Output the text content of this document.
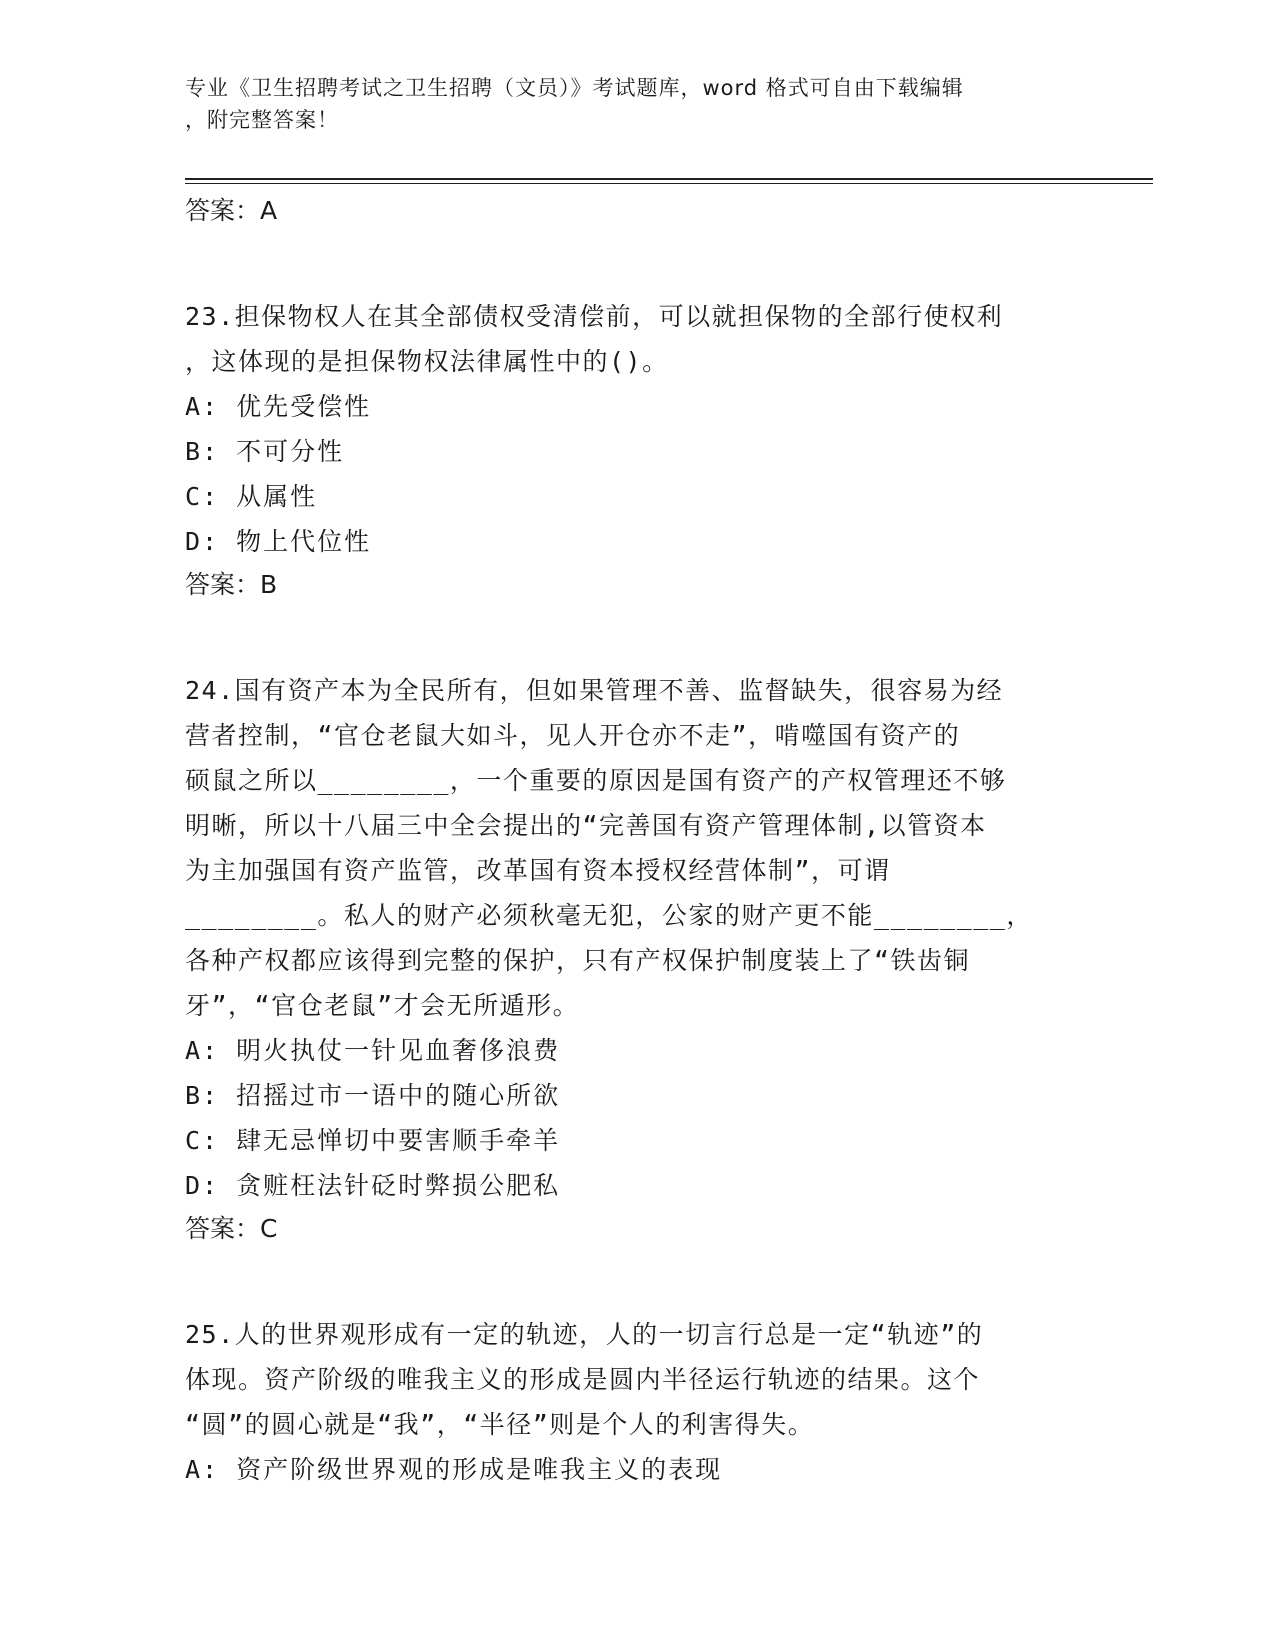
专业《卫生招聘考试之卫生招聘（文员）》考试题库，word 格式可自由下载编辑
，附完整答案！
答案：A
23.担保物权人在其全部债权受清偿前，可以就担保物的全部行使权利
，这体现的是担保物权法律属性中的()。
A: 优先受偿性
B: 不可分性
C: 从属性
D: 物上代位性
答案：B
24.国有资产本为全民所有，但如果管理不善、监督缺失，很容易为经
营者控制，“官仓老鼠大如斗，见人开仓亦不走”，啃噬国有资产的
硕鼠之所以________，一个重要的原因是国有资产的产权管理还不够
明晰，所以十八届三中全会提出的“完善国有资产管理体制,以管资本
为主加强国有资产监管，改革国有资本授权经营体制”，可谓
________。私人的财产必须秋毫无犯，公家的财产更不能________，
各种产权都应该得到完整的保护，只有产权保护制度装上了“铁齿铜
牙”，“官仓老鼠”才会无所遁形。
A: 明火执仗一针见血奢侈浪费
B: 招摇过市一语中的随心所欲
C: 肆无忌惮切中要害顺手牵羊
D: 贪赃枉法针砭时弊损公肥私
答案：C
25.人的世界观形成有一定的轨迹，人的一切言行总是一定“轨迹”的
体现。资产阶级的唯我主义的形成是圆内半径运行轨迹的结果。这个
“圆”的圆心就是“我”，“半径”则是个人的利害得失。
A: 资产阶级世界观的形成是唯我主义的表现
